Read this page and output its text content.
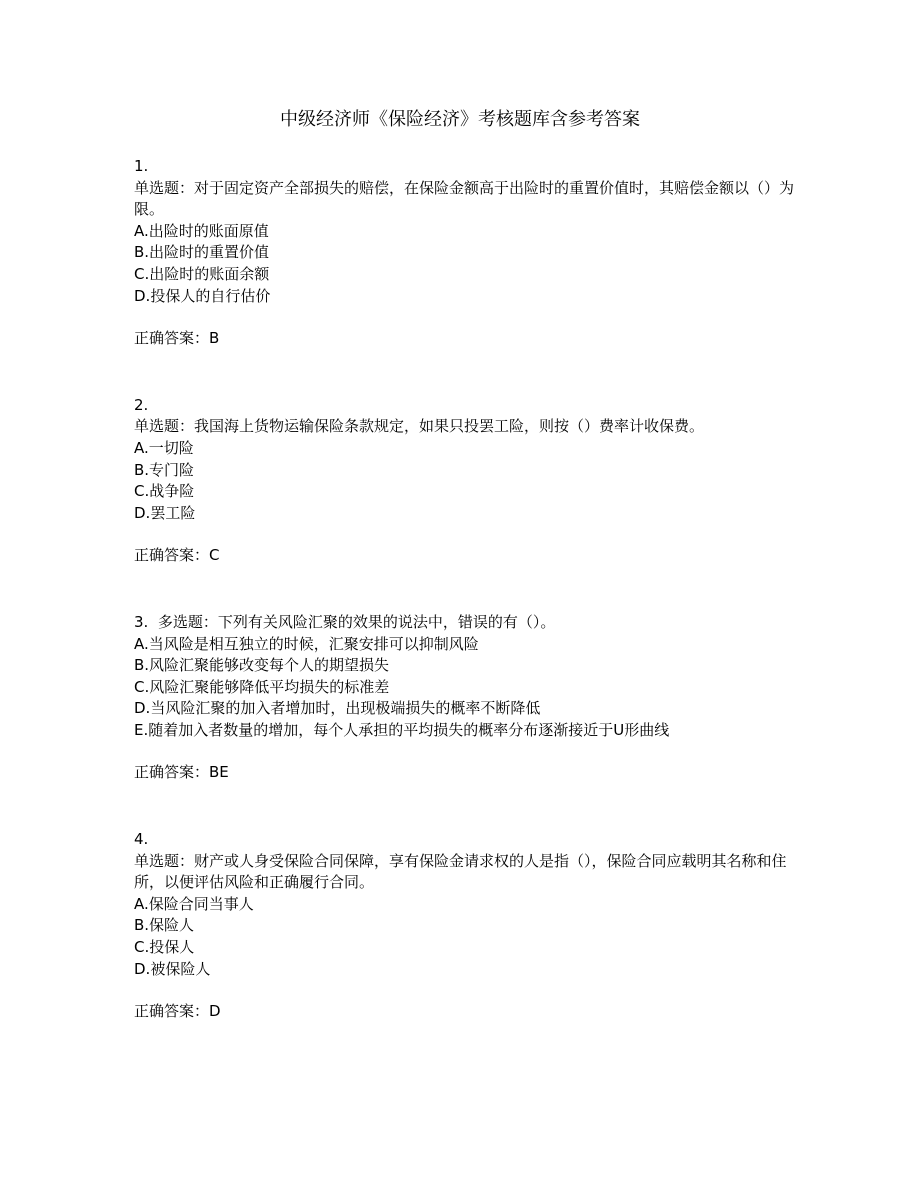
中级经济师《保险经济》考核题库含参考答案
1.
单选题：对于固定资产全部损失的赔偿，在保险金额高于出险时的重置价值时，其赔偿金额以（）为限。
A.出险时的账面原值
B.出险时的重置价值
C.出险时的账面余额
D.投保人的自行估价
正确答案：B
2.
单选题：我国海上货物运输保险条款规定，如果只投罢工险，则按（）费率计收保费。
A.一切险
B.专门险
C.战争险
D.罢工险
正确答案：C
3. 多选题：下列有关风险汇聚的效果的说法中，错误的有（）。
A.当风险是相互独立的时候，汇聚安排可以抑制风险
B.风险汇聚能够改变每个人的期望损失
C.风险汇聚能够降低平均损失的标准差
D.当风险汇聚的加入者增加时，出现极端损失的概率不断降低
E.随着加入者数量的增加，每个人承担的平均损失的概率分布逐渐接近于U形曲线
正确答案：BE
4.
单选题：财产或人身受保险合同保障，享有保险金请求权的人是指（），保险合同应载明其名称和住所，以便评估风险和正确履行合同。
A.保险合同当事人
B.保险人
C.投保人
D.被保险人
正确答案：D
